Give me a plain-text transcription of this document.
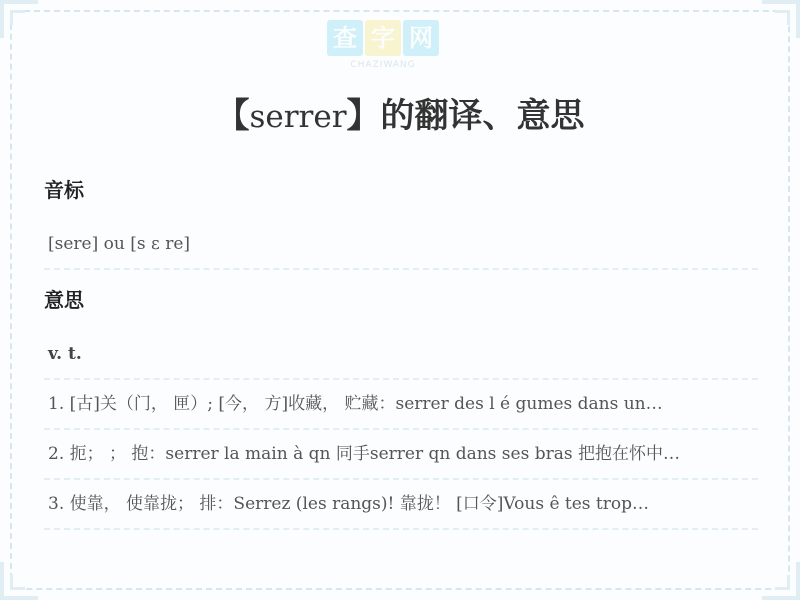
查 字 网
CHAZIWANG
【serrer】的翻译、意思
音标
[sere] ou [s ε re]
意思
v. t.
1. [古]关（门， 匣）; [今， 方]收藏， 贮藏：serrer des l é gumes dans un…
2. 扼； ； 抱：serrer la main à qn 同手serrer qn dans ses bras 把抱在怀中…
3. 使靠， 使靠拢； 排：Serrez (les rangs)! 靠拢！ [口令]Vous ê tes trop…
